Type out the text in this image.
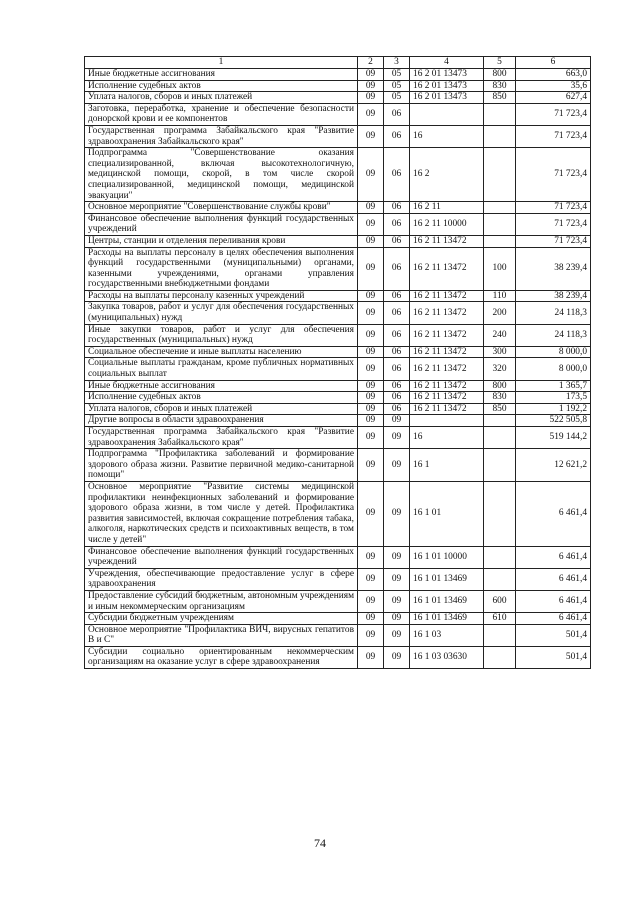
1	2	3	4	5	6
Иные бюджетные ассигнования	09	05	16 2 01 13473	800	663,0
Исполнение судебных актов	09	05	16 2 01 13473	830	35,6
Уплата налогов, сборов и иных платежей	09	05	16 2 01 13473	850	627,4
Заготовка, переработка, хранение и обеспечение безопасности донорской крови и ее компонентов	09	06			71 723,4
Государственная программа Забайкальского края "Развитие здравоохранения Забайкальского края"	09	06	16		71 723,4
Подпрограмма "Совершенствование оказания специализированной, включая высокотехнологичную, медицинской помощи, скорой, в том числе скорой специализированной, медицинской помощи, медицинской эвакуации"	09	06	16 2		71 723,4
Основное мероприятие "Совершенствование службы крови"	09	06	16 2 11		71 723,4
Финансовое обеспечение выполнения функций государственных учреждений	09	06	16 2 11 10000		71 723,4
Центры, станции и отделения переливания крови	09	06	16 2 11 13472		71 723,4
Расходы на выплаты персоналу в целях обеспечения выполнения функций государственными (муниципальными) органами, казенными учреждениями, органами управления государственными внебюджетными фондами	09	06	16 2 11 13472	100	38 239,4
Расходы на выплаты персоналу казенных учреждений	09	06	16 2 11 13472	110	38 239,4
Закупка товаров, работ и услуг для обеспечения государственных (муниципальных) нужд	09	06	16 2 11 13472	200	24 118,3
Иные закупки товаров, работ и услуг для обеспечения государственных (муниципальных) нужд	09	06	16 2 11 13472	240	24 118,3
Социальное обеспечение и иные выплаты населению	09	06	16 2 11 13472	300	8 000,0
Социальные выплаты гражданам, кроме публичных нормативных социальных выплат	09	06	16 2 11 13472	320	8 000,0
Иные бюджетные ассигнования	09	06	16 2 11 13472	800	1 365,7
Исполнение судебных актов	09	06	16 2 11 13472	830	173,5
Уплата налогов, сборов и иных платежей	09	06	16 2 11 13472	850	1 192,2
Другие вопросы в области здравоохранения	09	09			522 505,8
Государственная программа Забайкальского края "Развитие здравоохранения Забайкальского края"	09	09	16		519 144,2
Подпрограмма "Профилактика заболеваний и формирование здорового образа жизни. Развитие первичной медико-санитарной помощи"	09	09	16 1		12 621,2
Основное мероприятие "Развитие системы медицинской профилактики неинфекционных заболеваний и формирование здорового образа жизни, в том числе у детей. Профилактика развития зависимостей, включая сокращение потребления табака, алкоголя, наркотических средств и психоактивных веществ, в том числе у детей"	09	09	16 1 01		6 461,4
Финансовое обеспечение выполнения функций государственных учреждений	09	09	16 1 01 10000		6 461,4
Учреждения, обеспечивающие предоставление услуг в сфере здравоохранения	09	09	16 1 01 13469		6 461,4
Предоставление субсидий бюджетным, автономным учреждениям и иным некоммерческим организациям	09	09	16 1 01 13469	600	6 461,4
Субсидии бюджетным учреждениям	09	09	16 1 01 13469	610	6 461,4
Основное мероприятие "Профилактика ВИЧ, вирусных гепатитов В и С"	09	09	16 1 03		501,4
Субсидии социально ориентированным некоммерческим организациям на оказание услуг в сфере здравоохранения	09	09	16 1 03 03630		501,4
74
